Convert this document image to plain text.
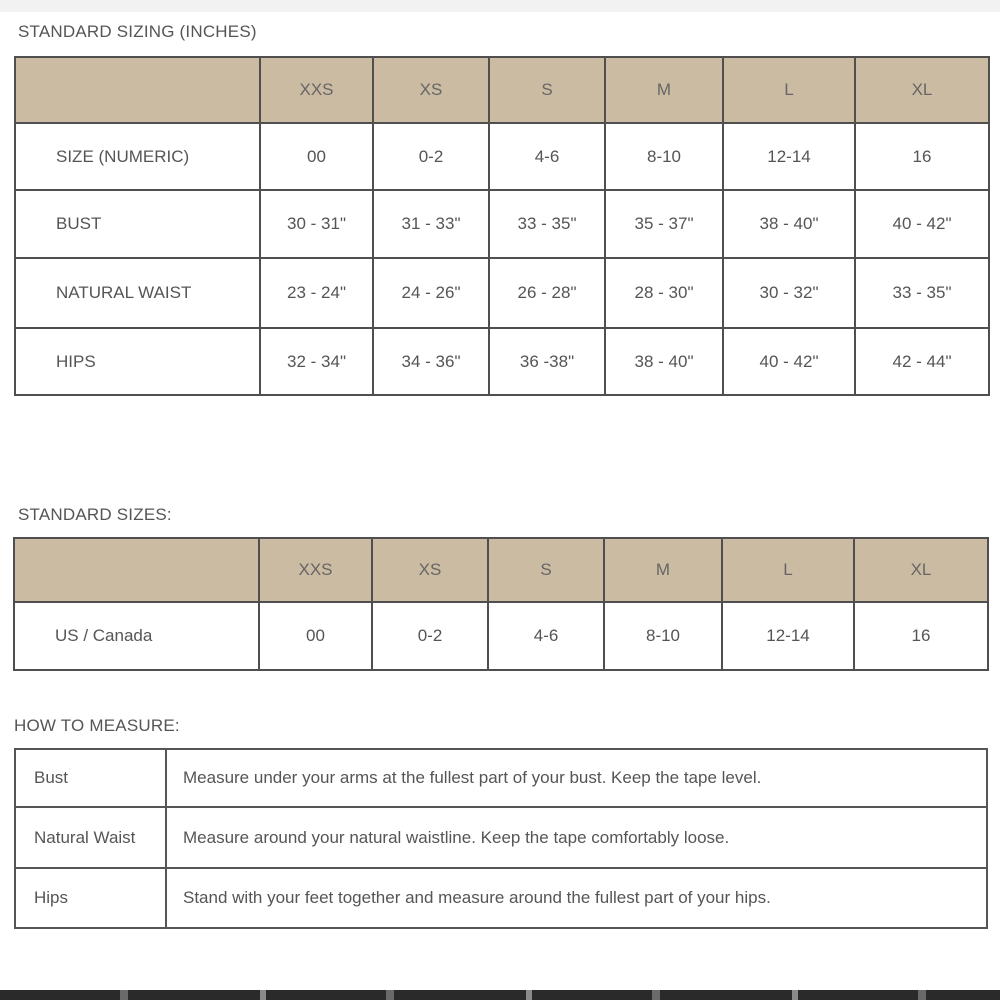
STANDARD SIZING (INCHES)
	XXS	XS	S	M	L	XL
SIZE (NUMERIC)	00	0-2	4-6	8-10	12-14	16
BUST	30 - 31"	31 - 33"	33 - 35"	35 - 37"	38 - 40"	40 - 42"
NATURAL WAIST	23 - 24"	24 - 26"	26 - 28"	28 - 30"	30 - 32"	33 - 35"
HIPS	32 - 34"	34 - 36"	36 -38"	38 - 40"	40 - 42"	42 - 44"
STANDARD SIZES:
	XXS	XS	S	M	L	XL
US / Canada	00	0-2	4-6	8-10	12-14	16
HOW TO MEASURE:
Bust	Measure under your arms at the fullest part of your bust. Keep the tape level.
Natural Waist	Measure around your natural waistline. Keep the tape comfortably loose.
Hips	Stand with your feet together and measure around the fullest part of your hips.
